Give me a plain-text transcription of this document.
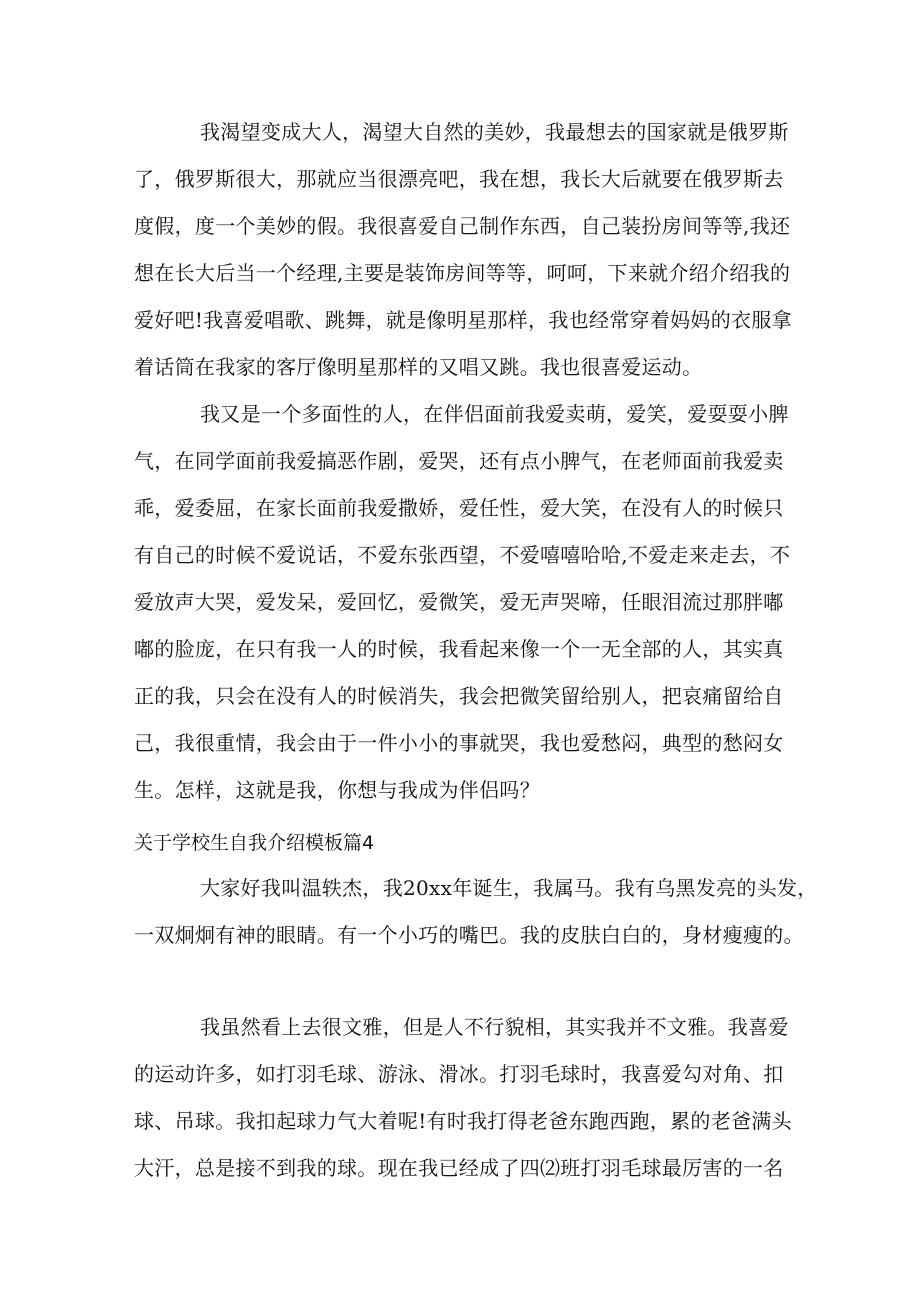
我渴望变成大人，渴望大自然的美妙，我最想去的国家就是俄罗斯
了，俄罗斯很大，那就应当很漂亮吧，我在想，我长大后就要在俄罗斯去
度假，度一个美妙的假。我很喜爱自己制作东西，自己装扮房间等等,我还
想在长大后当一个经理,主要是装饰房间等等，呵呵，下来就介绍介绍我的
爱好吧!我喜爱唱歌、跳舞，就是像明星那样，我也经常穿着妈妈的衣服拿
着话筒在我家的客厅像明星那样的又唱又跳。我也很喜爱运动。
我又是一个多面性的人，在伴侣面前我爱卖萌，爱笑，爱耍耍小脾
气，在同学面前我爱搞恶作剧，爱哭，还有点小脾气，在老师面前我爱卖
乖，爱委屈，在家长面前我爱撒娇，爱任性，爱大笑，在没有人的时候只
有自己的时候不爱说话，不爱东张西望，不爱嘻嘻哈哈,不爱走来走去，不
爱放声大哭，爱发呆，爱回忆，爱微笑，爱无声哭啼，任眼泪流过那胖嘟
嘟的脸庞，在只有我一人的时候，我看起来像一个一无全部的人，其实真
正的我，只会在没有人的时候消失，我会把微笑留给别人，把哀痛留给自
己，我很重情，我会由于一件小小的事就哭，我也爱愁闷，典型的愁闷女
生。怎样，这就是我，你想与我成为伴侣吗？
关于学校生自我介绍模板篇4
大家好我叫温轶杰，我20xx年诞生，我属马。我有乌黑发亮的头发，
一双炯炯有神的眼睛。有一个小巧的嘴巴。我的皮肤白白的，身材瘦瘦的。
我虽然看上去很文雅，但是人不行貌相，其实我并不文雅。我喜爱
的运动许多，如打羽毛球、游泳、滑冰。打羽毛球时，我喜爱勾对角、扣
球、吊球。我扣起球力气大着呢!有时我打得老爸东跑西跑，累的老爸满头
大汗，总是接不到我的球。现在我已经成了四⑵班打羽毛球最厉害的一名
